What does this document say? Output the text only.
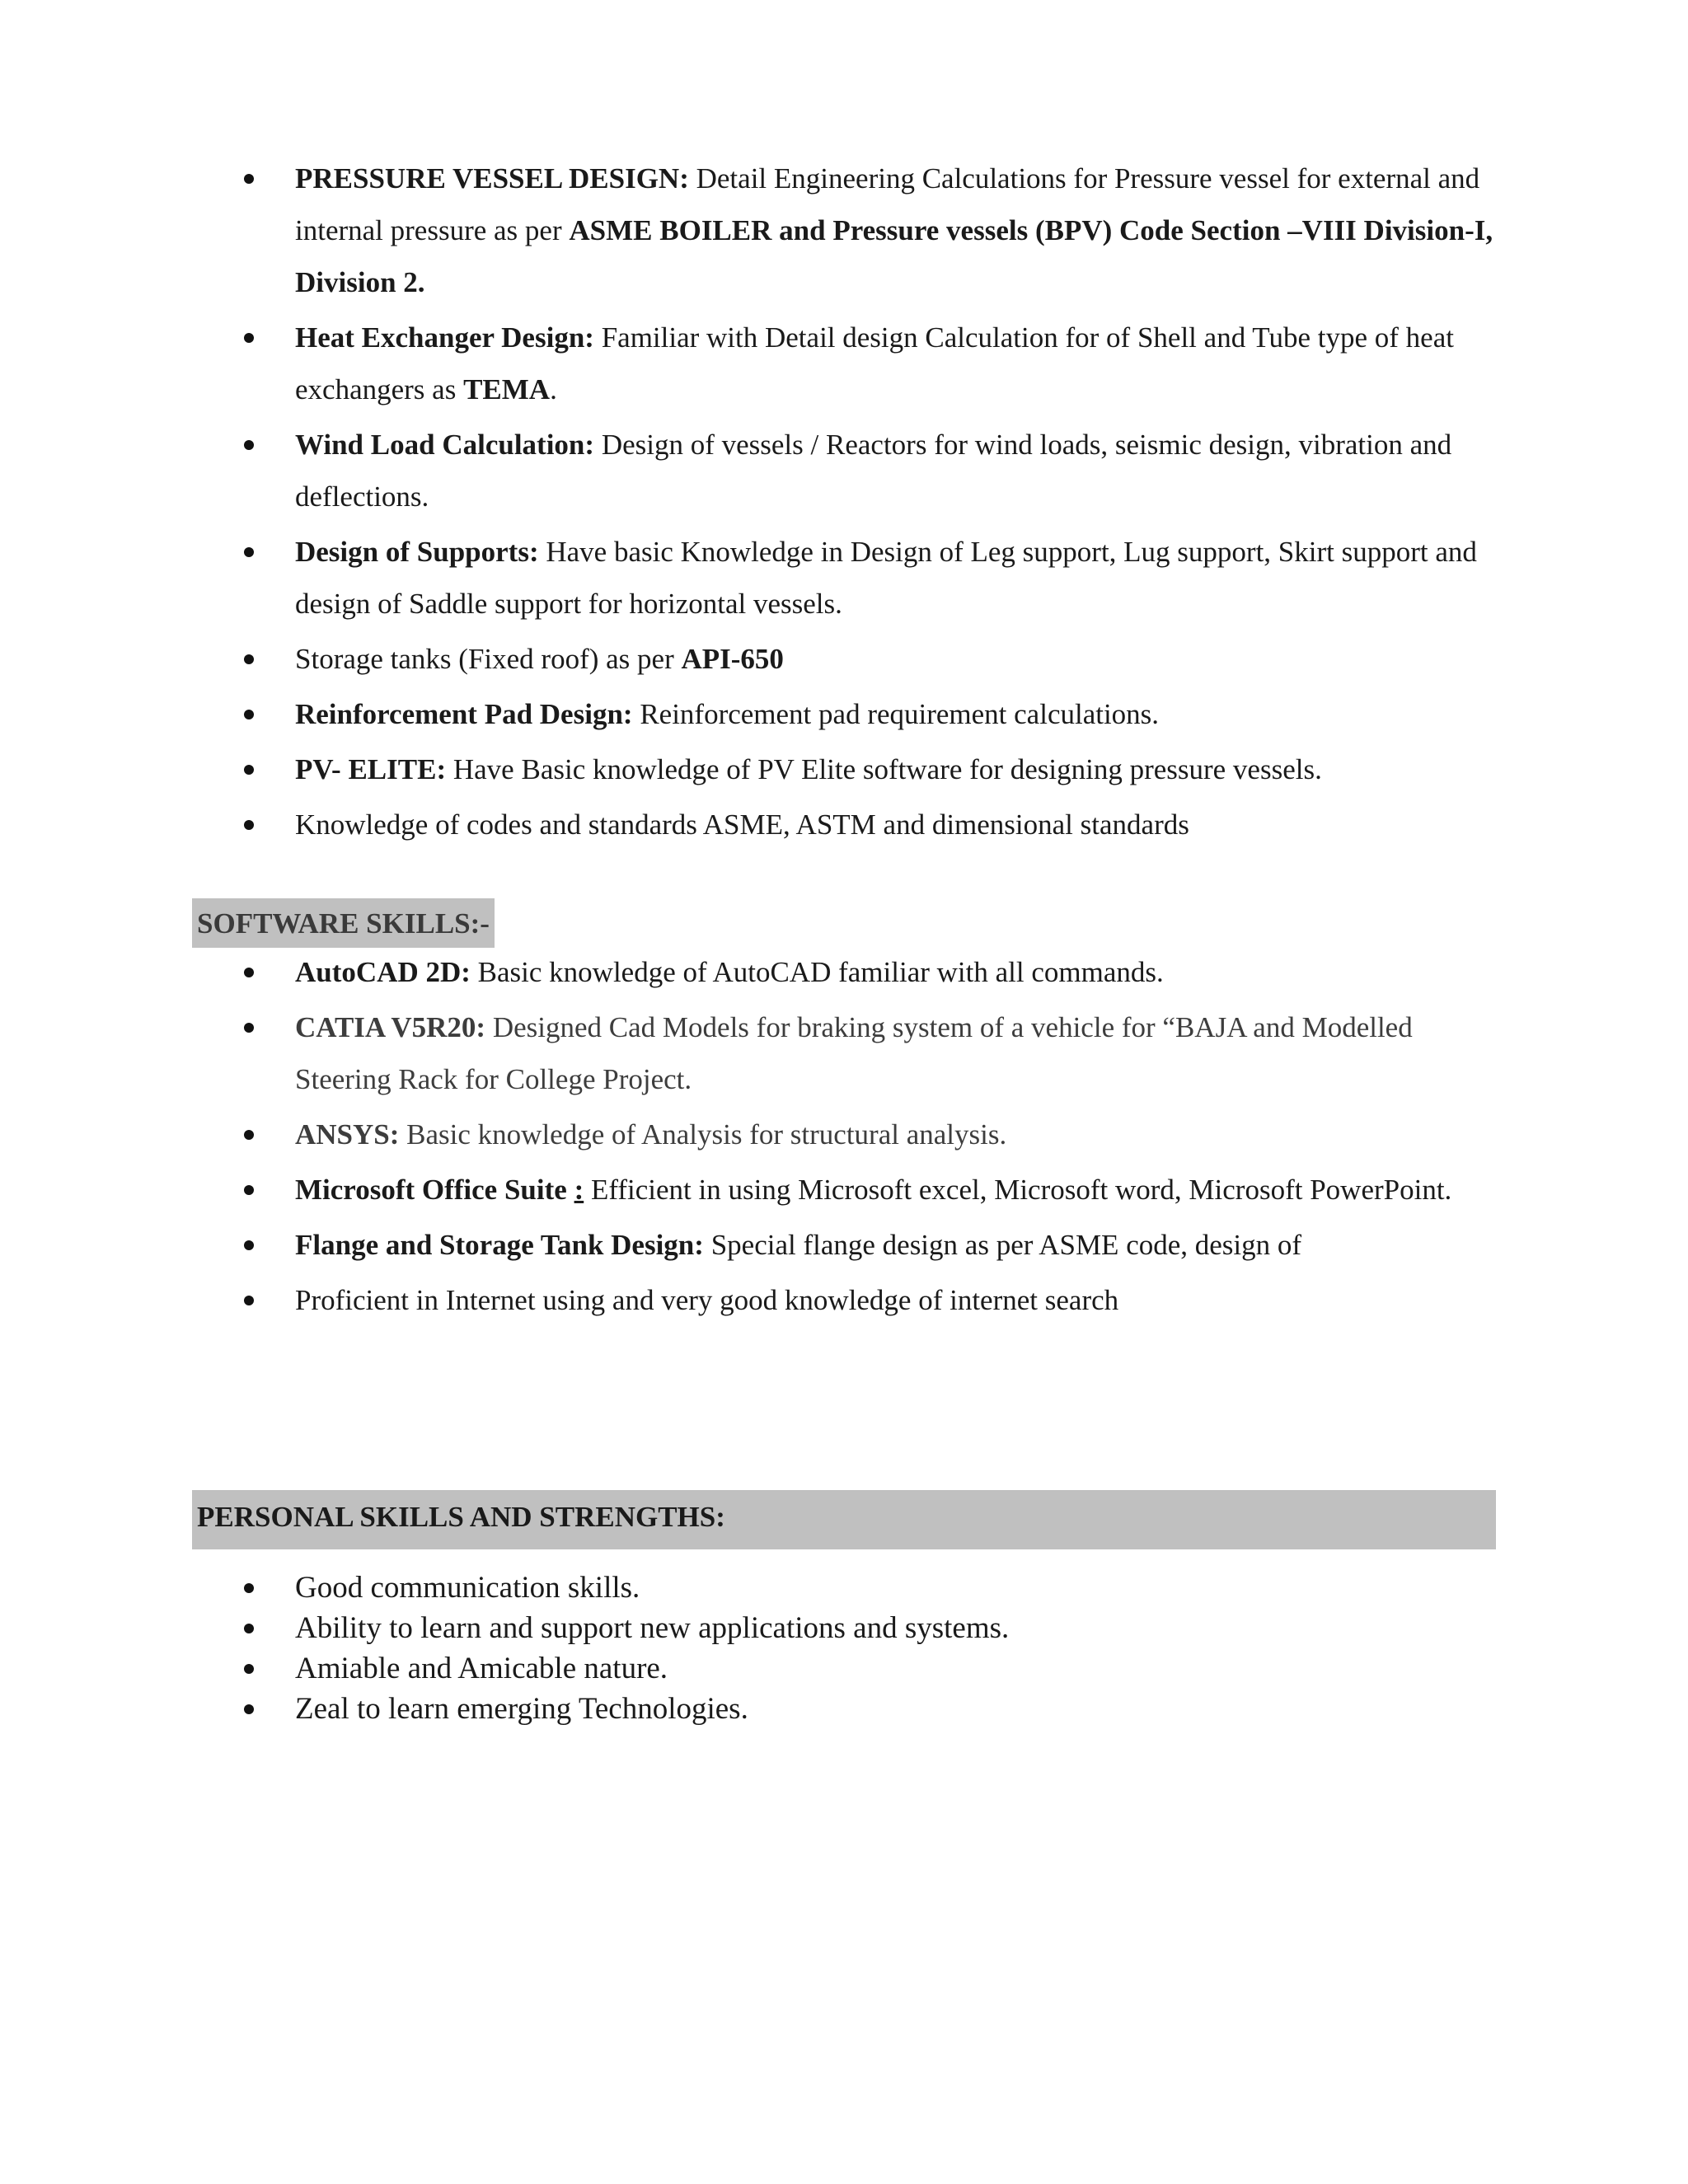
PRESSURE VESSEL DESIGN: Detail Engineering Calculations for Pressure vessel for external and internal pressure as per ASME BOILER and Pressure vessels (BPV) Code Section –VIII Division-I, Division 2.
Heat Exchanger Design: Familiar with Detail design Calculation for of Shell and Tube type of heat exchangers as TEMA.
Wind Load Calculation: Design of vessels / Reactors for wind loads, seismic design, vibration and deflections.
Design of Supports: Have basic Knowledge in Design of Leg support, Lug support, Skirt support and design of Saddle support for horizontal vessels.
Storage tanks (Fixed roof) as per API-650
Reinforcement Pad Design: Reinforcement pad requirement calculations.
PV- ELITE: Have Basic knowledge of PV Elite software for designing pressure vessels.
Knowledge of codes and standards ASME, ASTM and dimensional standards
SOFTWARE SKILLS:-
AutoCAD 2D: Basic knowledge of AutoCAD familiar with all commands.
CATIA V5R20: Designed Cad Models for braking system of a vehicle for “BAJA and Modelled Steering Rack for College Project.
ANSYS: Basic knowledge of Analysis for structural analysis.
Microsoft Office Suite : Efficient in using Microsoft excel, Microsoft word, Microsoft PowerPoint.
Flange and Storage Tank Design: Special flange design as per ASME code, design of
Proficient in Internet using and very good knowledge of internet search
PERSONAL SKILLS AND STRENGTHS:
Good communication skills.
Ability to learn and support new applications and systems.
Amiable and Amicable nature.
Zeal to learn emerging Technologies.
